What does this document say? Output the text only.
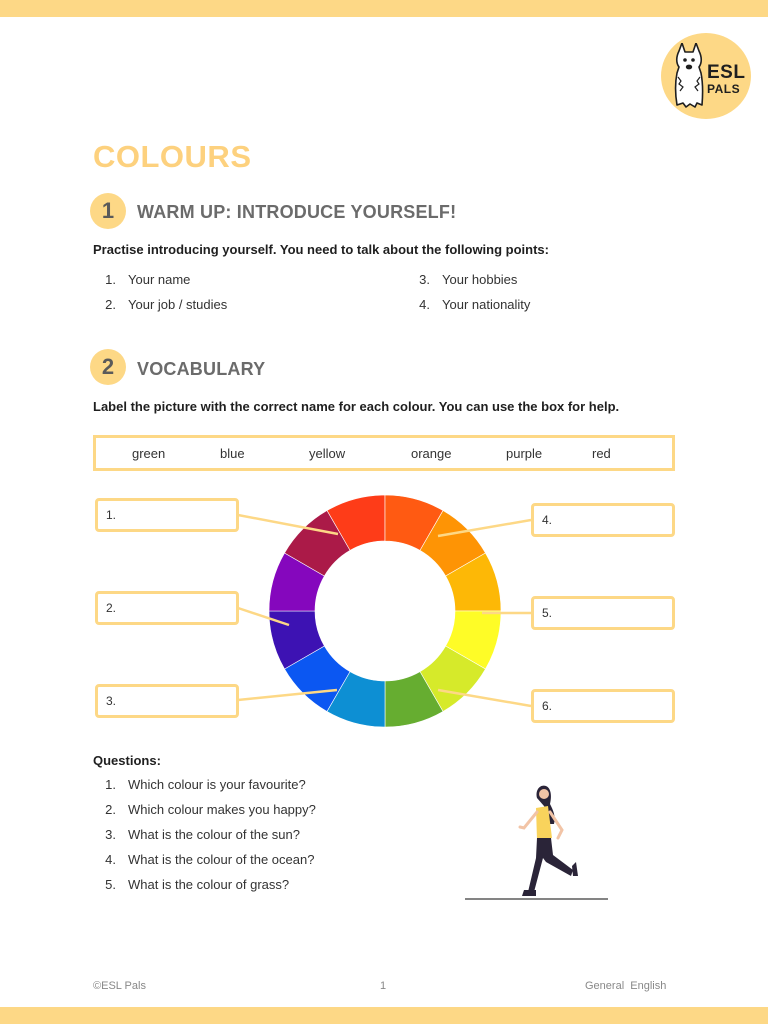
ESL
PALS
COLOURS
1	WARM UP: INTRODUCE YOURSELF!
Practise introducing yourself. You need to talk about the following points:
1. Your name
2. Your job / studies
3. Your hobbies
4. Your nationality
2	VOCABULARY
Label the picture with the correct name for each colour. You can use the box for help.
green	blue	yellow	orange	purple	red
1.
2.
3.
4.
5.
6.
Questions:
1. Which colour is your favourite?
2. Which colour makes you happy?
3. What is the colour of the sun?
4. What is the colour of the ocean?
5. What is the colour of grass?
©ESL Pals	1	General  English
